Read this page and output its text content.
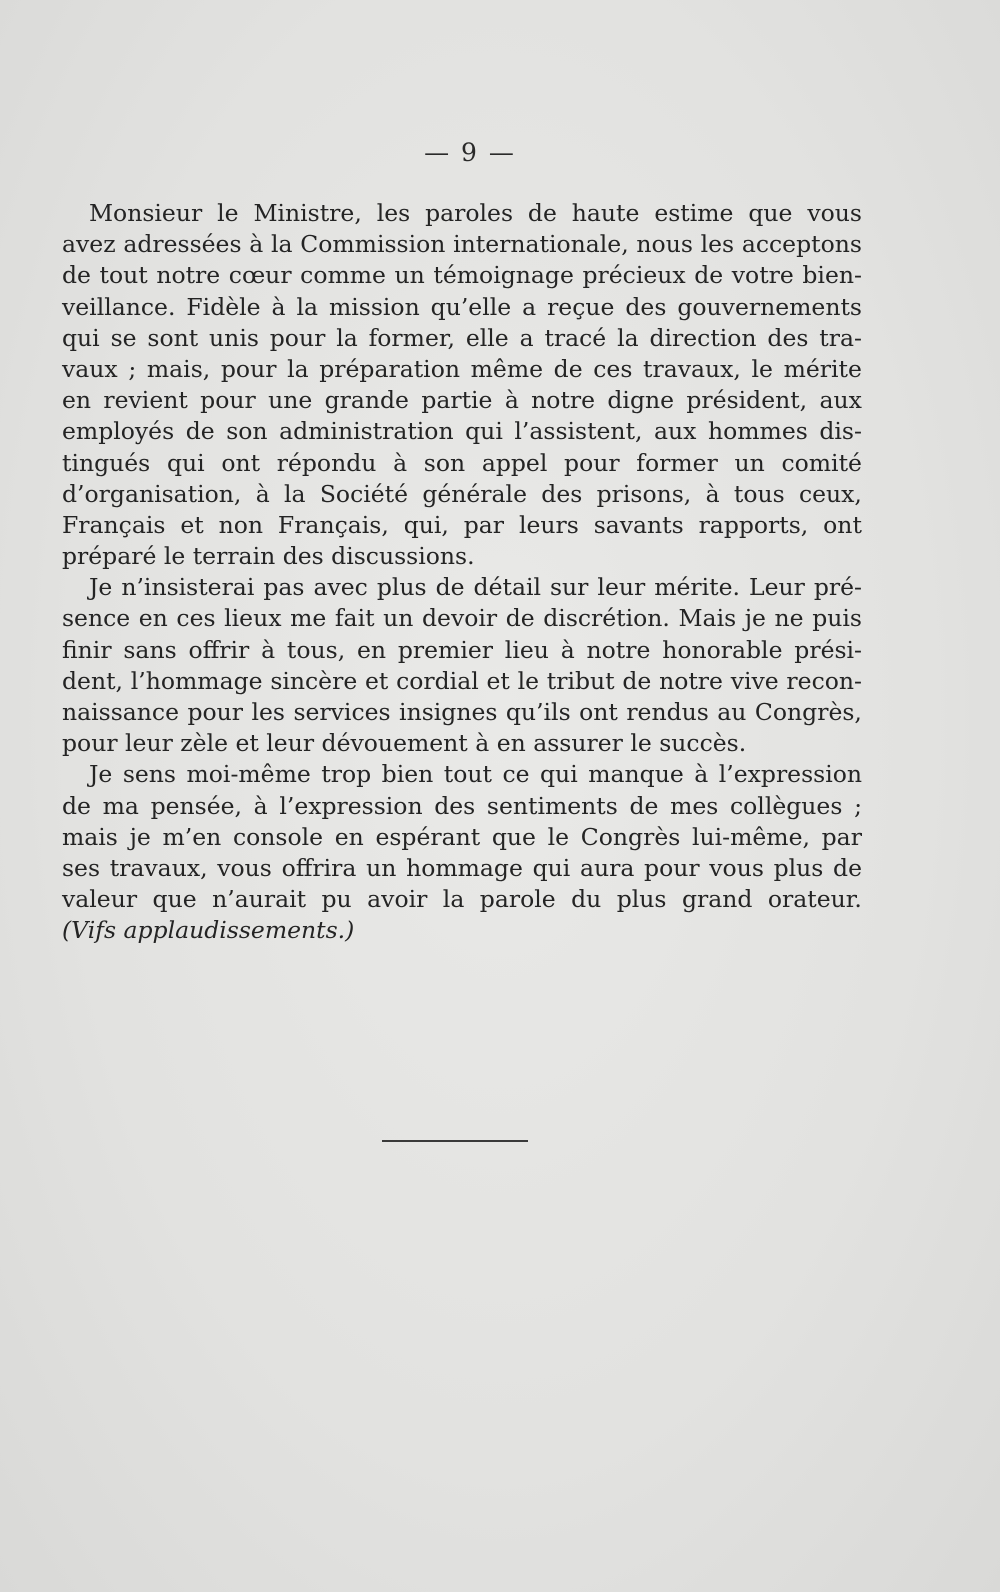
— 9 —
Monsieur le Ministre, les paroles de haute estime que vous
avez adressées à la Commission internationale, nous les acceptons
de tout notre cœur comme un témoignage précieux de votre bien-
veillance. Fidèle à la mission qu’elle a reçue des gouvernements
qui se sont unis pour la former, elle a tracé la direction des tra-
vaux ; mais, pour la préparation même de ces travaux, le mérite
en revient pour une grande partie à notre digne président, aux
employés de son administration qui l’assistent, aux hommes dis-
tingués qui ont répondu à son appel pour former un comité
d’organisation, à la Société générale des prisons, à tous ceux,
Français et non Français, qui, par leurs savants rapports, ont
préparé le terrain des discussions.
Je n’insisterai pas avec plus de détail sur leur mérite. Leur pré-
sence en ces lieux me fait un devoir de discrétion. Mais je ne puis
finir sans offrir à tous, en premier lieu à notre honorable prési-
dent, l’hommage sincère et cordial et le tribut de notre vive recon-
naissance pour les services insignes qu’ils ont rendus au Congrès,
pour leur zèle et leur dévouement à en assurer le succès.
Je sens moi-même trop bien tout ce qui manque à l’expression
de ma pensée, à l’expression des sentiments de mes collègues ;
mais je m’en console en espérant que le Congrès lui-même, par
ses travaux, vous offrira un hommage qui aura pour vous plus de
valeur que n’aurait pu avoir la parole du plus grand orateur.
(Vifs applaudissements.)
